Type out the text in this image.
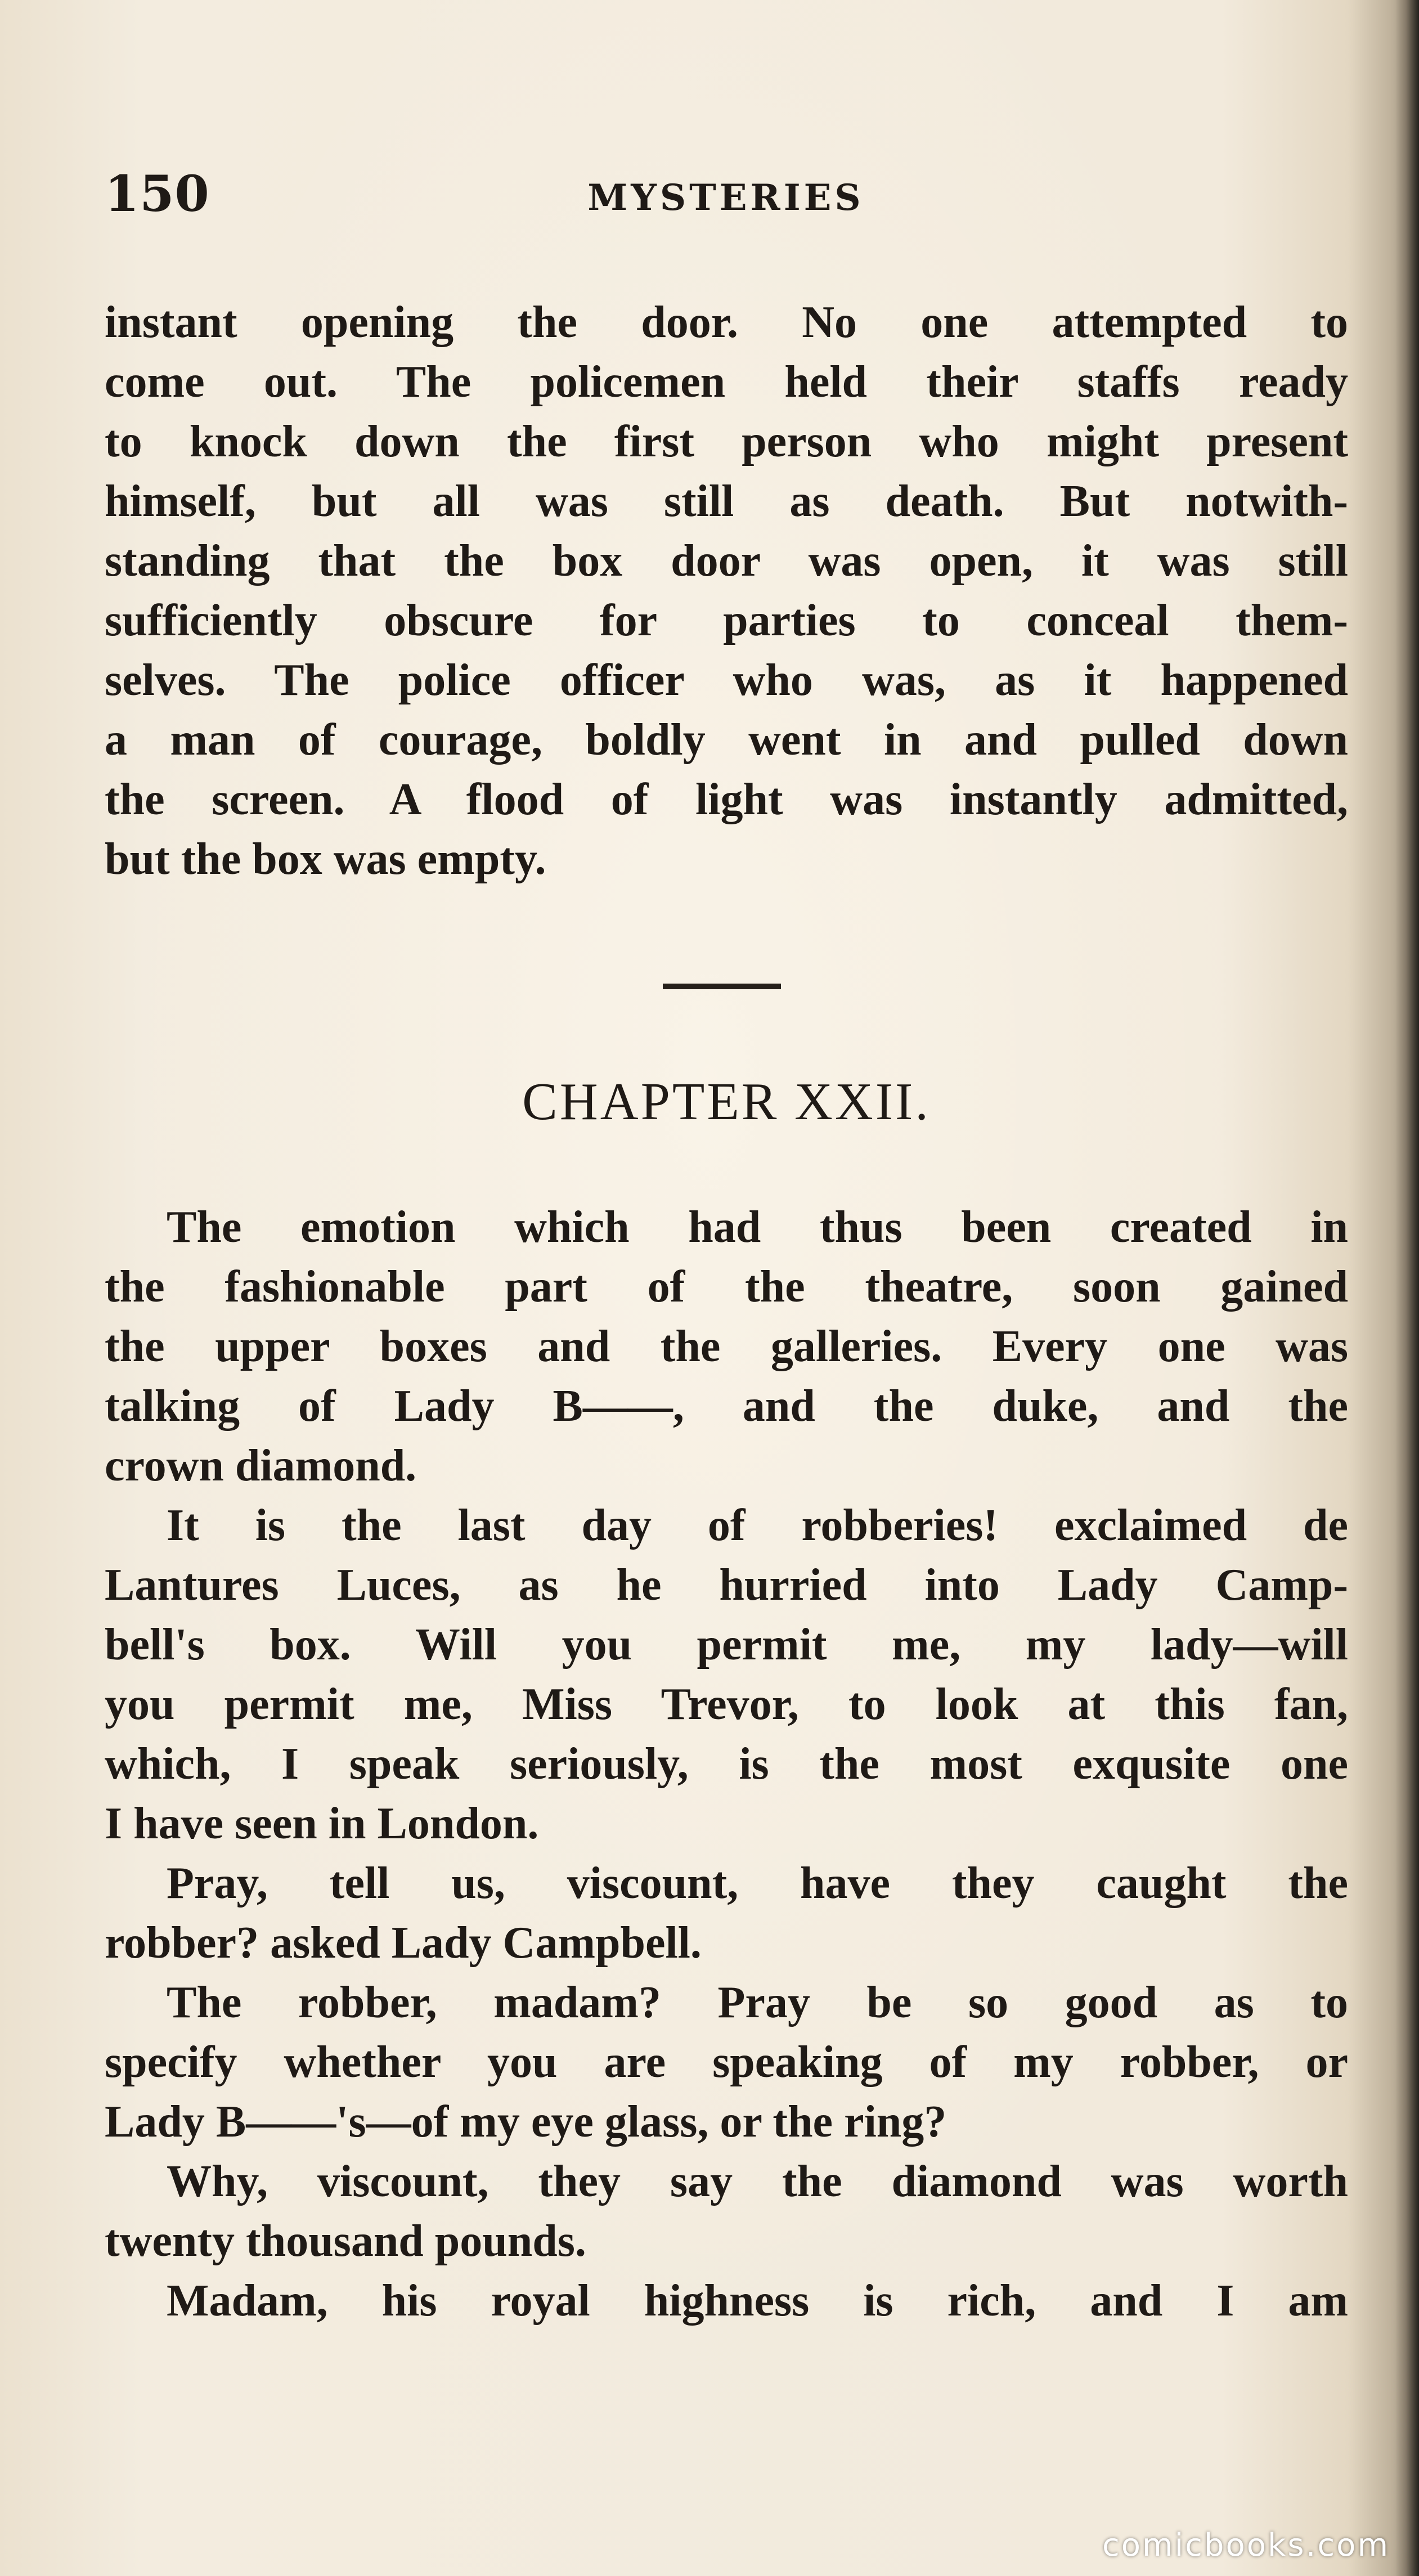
150	MYSTERIES
instant opening the door. No one attempted to
come out. The policemen held their staffs ready
to knock down the first person who might present
himself, but all was still as death. But notwith-
standing that the box door was open, it was still
sufficiently obscure for parties to conceal them-
selves. The police officer who was, as it happened
a man of courage, boldly went in and pulled down
the screen. A flood of light was instantly admitted,
but the box was empty.
CHAPTER XXII.
The emotion which had thus been created in
the fashionable part of the theatre, soon gained
the upper boxes and the galleries. Every one was
talking of Lady B——, and the duke, and the
crown diamond.
It is the last day of robberies! exclaimed de
Lantures Luces, as he hurried into Lady Camp-
bell's box. Will you permit me, my lady—will
you permit me, Miss Trevor, to look at this fan,
which, I speak seriously, is the most exqusite one
I have seen in London.
Pray, tell us, viscount, have they caught the
robber? asked Lady Campbell.
The robber, madam? Pray be so good as to
specify whether you are speaking of my robber, or
Lady B——'s—of my eye glass, or the ring?
Why, viscount, they say the diamond was worth
twenty thousand pounds.
Madam, his royal highness is rich, and I am
comicbooks.com
